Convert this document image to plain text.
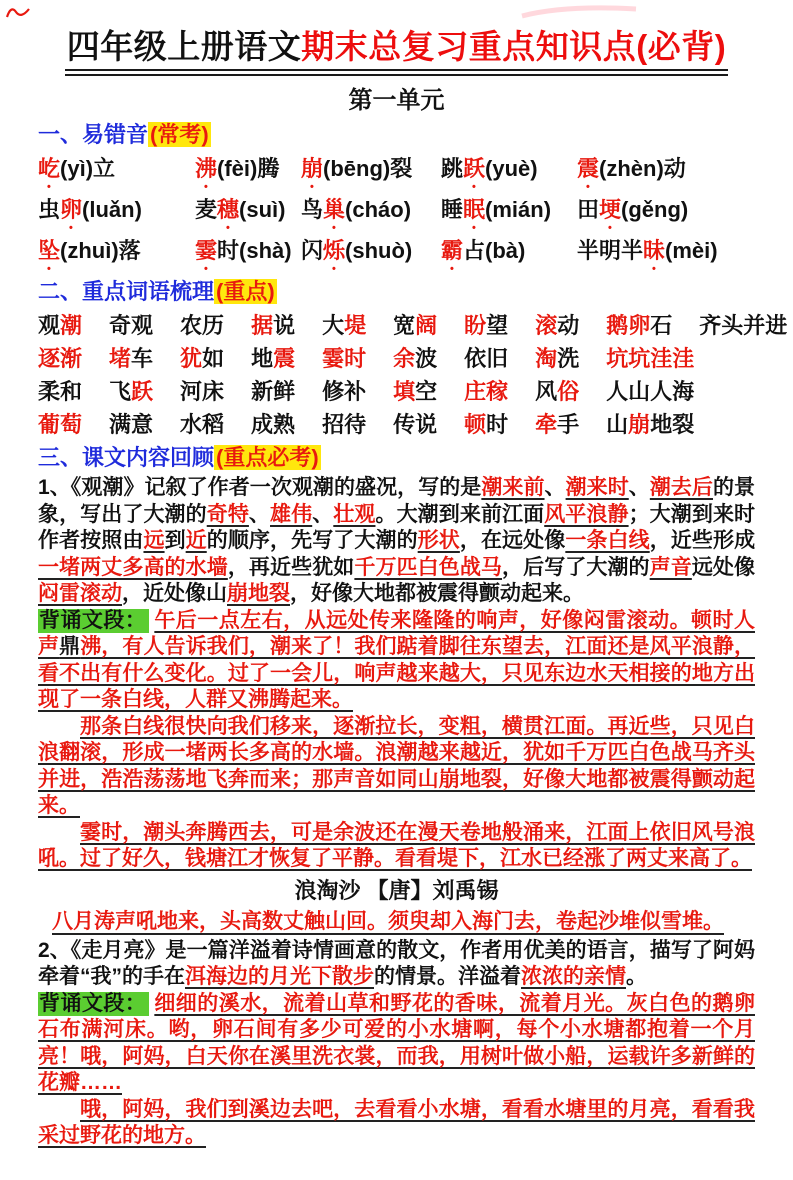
四年级上册语文期末总复习重点知识点(必背)
第一单元
一、易错音(常考)
屹(yì)立	沸(fèi)腾 崩(bēng)裂	跳跃(yuè)	震(zhèn)动
虫卵(luǎn)	麦穗(suì) 鸟巢(cháo)	睡眠(mián)	田埂(gěng)
坠(zhuì)落	霎时(shà) 闪烁(shuò)	霸占(bà)	半明半昧(mèi)
二、重点词语梳理(重点)
观潮 奇观 农历 据说 大堤 宽阔 盼望 滚动 鹅卵石 齐头并进
逐渐 堵车 犹如 地震 霎时 余波 依旧 淘洗 坑坑洼洼
柔和 飞跃 河床 新鲜 修补 填空 庄稼 风俗 人山人海
葡萄 满意 水稻 成熟 招待 传说 顿时 牵手 山崩地裂
三、课文内容回顾(重点必考)

1、《观潮》记叙了作者一次观潮的盛况，写的是潮来前、潮来时、潮去后的景象，写出了大潮的奇特、雄伟、壮观。大潮到来前江面风平浪静；大潮到来时作者按照由远到近的顺序，先写了大潮的形状，在远处像一条白线，近些形成一堵两丈多高的水墙，再近些犹如千万匹白色战马，后写了大潮的声音远处像闷雷滚动，近处像山崩地裂，好像大地都被震得颤动起来。

背诵文段： 午后一点左右，从远处传来隆隆的响声，好像闷雷滚动。顿时人声鼎沸，有人告诉我们，潮来了！我们踮着脚往东望去，江面还是风平浪静，看不出有什么变化。过了一会儿，响声越来越大，只见东边水天相接的地方出现了一条白线，人群又沸腾起来。

那条白线很快向我们移来，逐渐拉长，变粗，横贯江面。再近些，只见白浪翻滚，形成一堵两长多高的水墙。浪潮越来越近，犹如千万匹白色战马齐头并进，浩浩荡荡地飞奔而来；那声音如同山崩地裂，好像大地都被震得颤动起来。

霎时，潮头奔腾西去，可是余波还在漫天卷地般涌来，江面上依旧风号浪吼。过了好久，钱塘江才恢复了平静。看看堤下，江水已经涨了两丈来高了。

浪淘沙 【唐】刘禹锡
八月涛声吼地来，头高数丈触山回。须臾却入海门去，卷起沙堆似雪堆。

2、《走月亮》是一篇洋溢着诗情画意的散文，作者用优美的语言，描写了阿妈牵着“我”的手在洱海边的月光下散步的情景。洋溢着浓浓的亲情。

背诵文段： 细细的溪水，流着山草和野花的香味，流着月光。灰白色的鹅卵石布满河床。哟，卵石间有多少可爱的小水塘啊，每个小水塘都抱着一个月亮！哦，阿妈，白天你在溪里洗衣裳，而我，用树叶做小船，运载许多新鲜的花瓣……

哦，阿妈，我们到溪边去吧，去看看小水塘，看看水塘里的月亮，看看我采过野花的地方。
